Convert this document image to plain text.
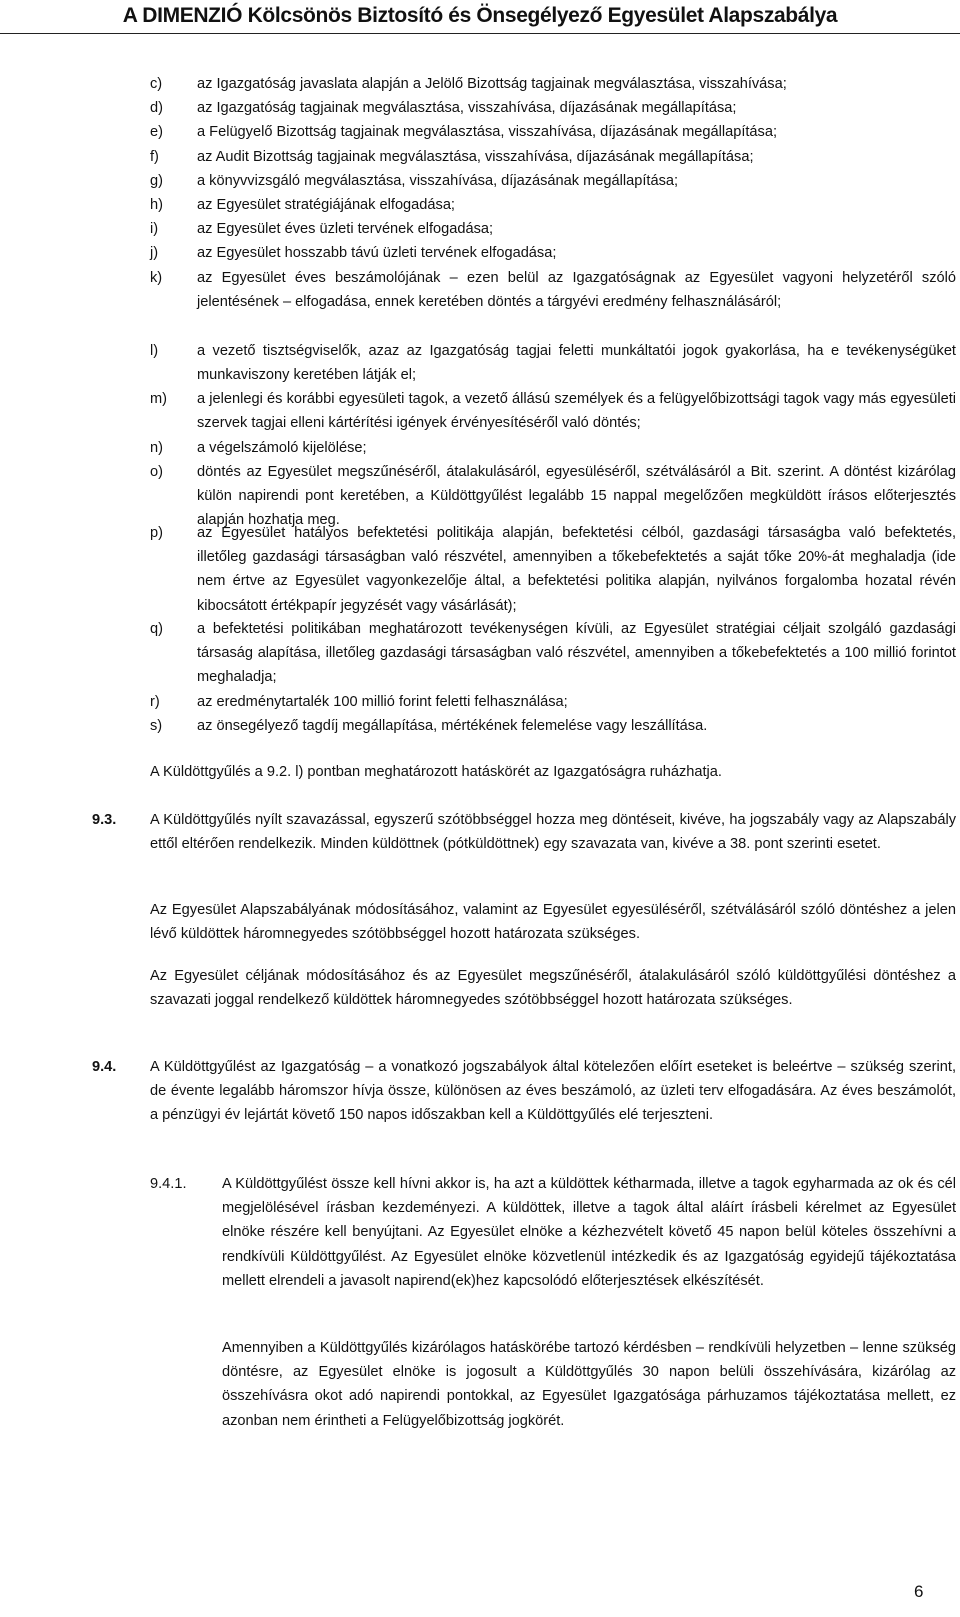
A DIMENZIÓ Kölcsönös Biztosító és Önsegélyező Egyesület Alapszabálya
c)	az Igazgatóság javaslata alapján a Jelölő Bizottság tagjainak megválasztása, visszahívása;
d)	az Igazgatóság tagjainak megválasztása, visszahívása, díjazásának megállapítása;
e)	a Felügyelő Bizottság tagjainak megválasztása, visszahívása, díjazásának megállapítása;
f)	az Audit Bizottság tagjainak megválasztása, visszahívása, díjazásának megállapítása;
g)	a könyvvizsgáló megválasztása, visszahívása, díjazásának megállapítása;
h)	az Egyesület stratégiájának elfogadása;
i)	az Egyesület éves üzleti tervének elfogadása;
j)	az Egyesület hosszabb távú üzleti tervének elfogadása;
k)	az Egyesület éves beszámolójának – ezen belül az Igazgatóságnak az Egyesület vagyoni helyzetéről szóló jelentésének – elfogadása, ennek keretében döntés a tárgyévi eredmény felhasználásáról;
l)	a vezető tisztségviselők, azaz az Igazgatóság tagjai feletti munkáltatói jogok gyakorlása, ha e tevékenységüket munkaviszony keretében látják el;
m)	a jelenlegi és korábbi egyesületi tagok, a vezető állású személyek és a felügyelőbizottsági tagok vagy más egyesületi szervek tagjai elleni kártérítési igények érvényesítéséről való döntés;
n)	a végelszámoló kijelölése;
o)	döntés az Egyesület megszűnéséről, átalakulásáról, egyesüléséről, szétválásáról a Bit. szerint. A döntést kizárólag külön napirendi pont keretében, a Küldöttgyűlést legalább 15 nappal megelőzően megküldött írásos előterjesztés alapján hozhatja meg.
p)	az Egyesület hatályos befektetési politikája alapján, befektetési célból, gazdasági társaságba való befektetés, illetőleg gazdasági társaságban való részvétel, amennyiben a tőkebefektetés a saját tőke 20%-át meghaladja (ide nem értve az Egyesület vagyonkezelője által, a befektetési politika alapján, nyilvános forgalomba hozatal révén kibocsátott értékpapír jegyzését vagy vásárlását);
q)	a befektetési politikában meghatározott tevékenységen kívüli, az Egyesület stratégiai céljait szolgáló gazdasági társaság alapítása, illetőleg gazdasági társaságban való részvétel, amennyiben a tőkebefektetés a 100 millió forintot meghaladja;
r)	az eredménytartalék 100 millió forint feletti felhasználása;
s)	az önsegélyező tagdíj megállapítása, mértékének felemelése vagy leszállítása.
A Küldöttgyűlés a 9.2. l) pontban meghatározott hatáskörét az Igazgatóságra ruházhatja.
9.3. A Küldöttgyűlés nyílt szavazással, egyszerű szótöbbséggel hozza meg döntéseit, kivéve, ha jogszabály vagy az Alapszabály ettől eltérően rendelkezik. Minden küldöttnek (pótküldöttnek) egy szavazata van, kivéve a 38. pont szerinti esetet.
Az Egyesület Alapszabályának módosításához, valamint az Egyesület egyesüléséről, szétválásáról szóló döntéshez a jelen lévő küldöttek háromnegyedes szótöbbséggel hozott határozata szükséges.
Az Egyesület céljának módosításához és az Egyesület megszűnéséről, átalakulásáról szóló küldöttgyűlési döntéshez a szavazati joggal rendelkező küldöttek háromnegyedes szótöbbséggel hozott határozata szükséges.
9.4. A Küldöttgyűlést az Igazgatóság – a vonatkozó jogszabályok által kötelezően előírt eseteket is beleértve – szükség szerint, de évente legalább háromszor hívja össze, különösen az éves beszámoló, az üzleti terv elfogadására. Az éves beszámolót, a pénzügyi év lejártát követő 150 napos időszakban kell a Küldöttgyűlés elé terjeszteni.
9.4.1. A Küldöttgyűlést össze kell hívni akkor is, ha azt a küldöttek kétharmada, illetve a tagok egyharmada az ok és cél megjelölésével írásban kezdeményezi. A küldöttek, illetve a tagok által aláírt írásbeli kérelmet az Egyesület elnöke részére kell benyújtani. Az Egyesület elnöke a kézhezvételt követő 45 napon belül köteles összehívni a rendkívüli Küldöttgyűlést. Az Egyesület elnöke közvetlenül intézkedik és az Igazgatóság egyidejű tájékoztatása mellett elrendeli a javasolt napirend(ek)hez kapcsolódó előterjesztések elkészítését.
Amennyiben a Küldöttgyűlés kizárólagos hatáskörébe tartozó kérdésben – rendkívüli helyzetben – lenne szükség döntésre, az Egyesület elnöke is jogosult a Küldöttgyűlés 30 napon belüli összehívására, kizárólag az összehívásra okot adó napirendi pontokkal, az Egyesület Igazgatósága párhuzamos tájékoztatása mellett, ez azonban nem érintheti a Felügyelőbizottság jogkörét.
6
